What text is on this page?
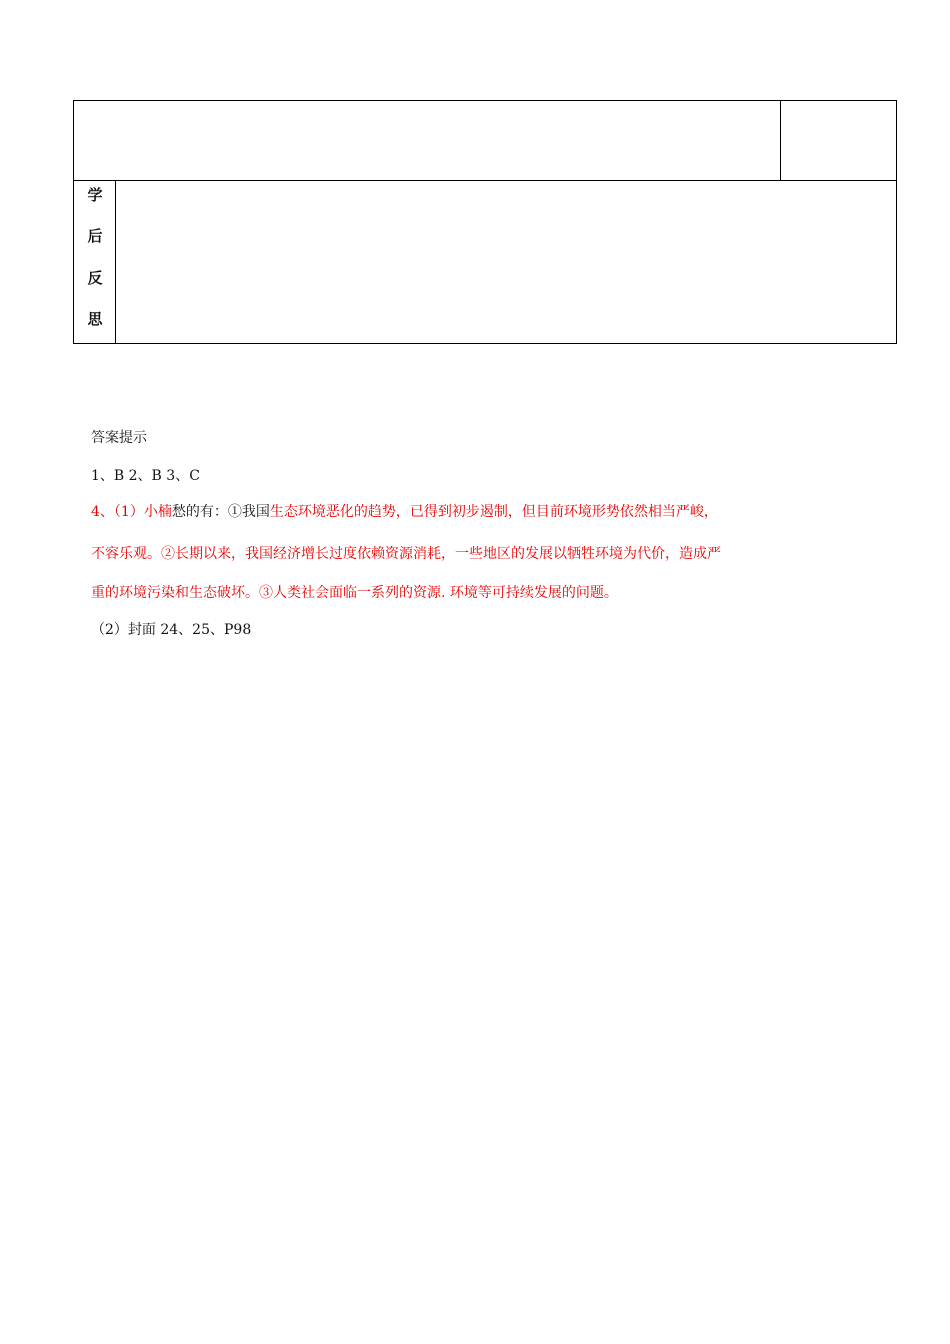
学
后
反
思
答案提示
1、B 2、B 3、C
4、（1）小楠愁的有：①我国生态环境恶化的趋势，已得到初步遏制，但目前环境形势依然相当严峻，
不容乐观。②长期以来，我国经济增长过度依赖资源消耗，一些地区的发展以牺牲环境为代价，造成严
重的环境污染和生态破坏。③人类社会面临一系列的资源. 环境等可持续发展的问题。
（2）封面 24、25、P98
